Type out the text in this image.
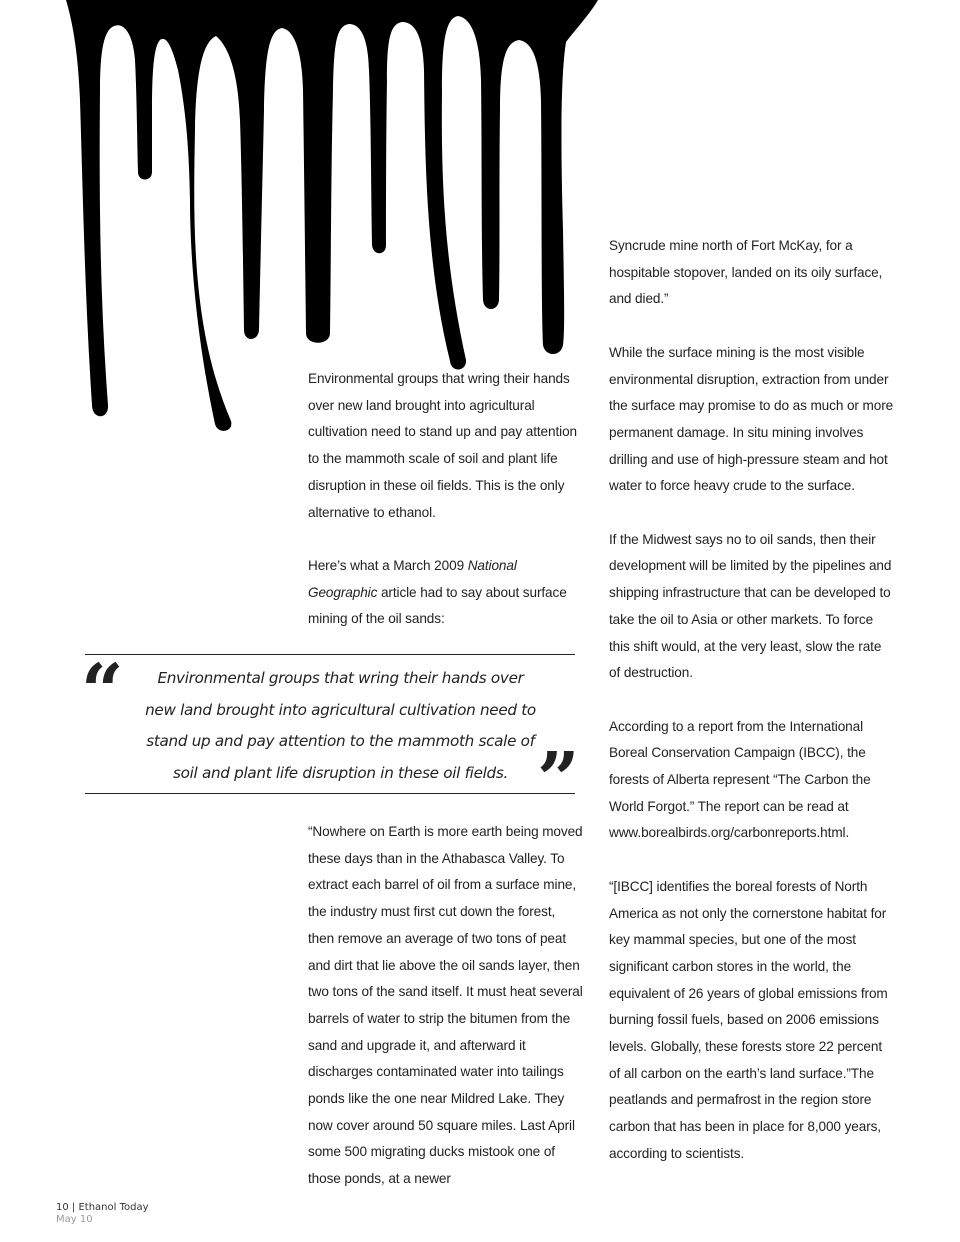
Environmental groups that wring their hands over new land brought into agricultural cultivation need to stand up and pay attention to the mammoth scale of soil and plant life disruption in these oil fields. This is the only alternative to ethanol.

Here’s what a March 2009 National Geographic article had to say about surface mining of the oil sands:

“	Environmental groups that wring their hands over new land brought into agricultural cultivation need to stand up and pay attention to the mammoth scale of soil and plant life disruption in these oil fields. ”

“Nowhere on Earth is more earth being moved these days than in the Athabasca Valley. To extract each barrel of oil from a surface mine, the industry must first cut down the forest, then remove an average of two tons of peat and dirt that lie above the oil sands layer, then two tons of the sand itself. It must heat several barrels of water to strip the bitumen from the sand and upgrade it, and afterward it discharges contaminated water into tailings ponds like the one near Mildred Lake. They now cover around 50 square miles. Last April some 500 migrating ducks mistook one of those ponds, at a newer

Syncrude mine north of Fort McKay, for a hospitable stopover, landed on its oily surface, and died.”

While the surface mining is the most visible environmental disruption, extraction from under the surface may promise to do as much or more permanent damage. In situ mining involves drilling and use of high-pressure steam and hot water to force heavy crude to the surface.

If the Midwest says no to oil sands, then their development will be limited by the pipelines and shipping infrastructure that can be developed to take the oil to Asia or other markets. To force this shift would, at the very least, slow the rate of destruction.

According to a report from the International Boreal Conservation Campaign (IBCC), the forests of Alberta represent “The Carbon the World Forgot.” The report can be read at www.borealbirds.org/carbonreports.html.

“[IBCC] identifies the boreal forests of North America as not only the cornerstone habitat for key mammal species, but one of the most significant carbon stores in the world, the equivalent of 26 years of global emissions from burning fossil fuels, based on 2006 emissions levels. Globally, these forests store 22 percent of all carbon on the earth’s land surface.”The peatlands and permafrost in the region store carbon that has been in place for 8,000 years, according to scientists.

10 | Ethanol Today
May 10
